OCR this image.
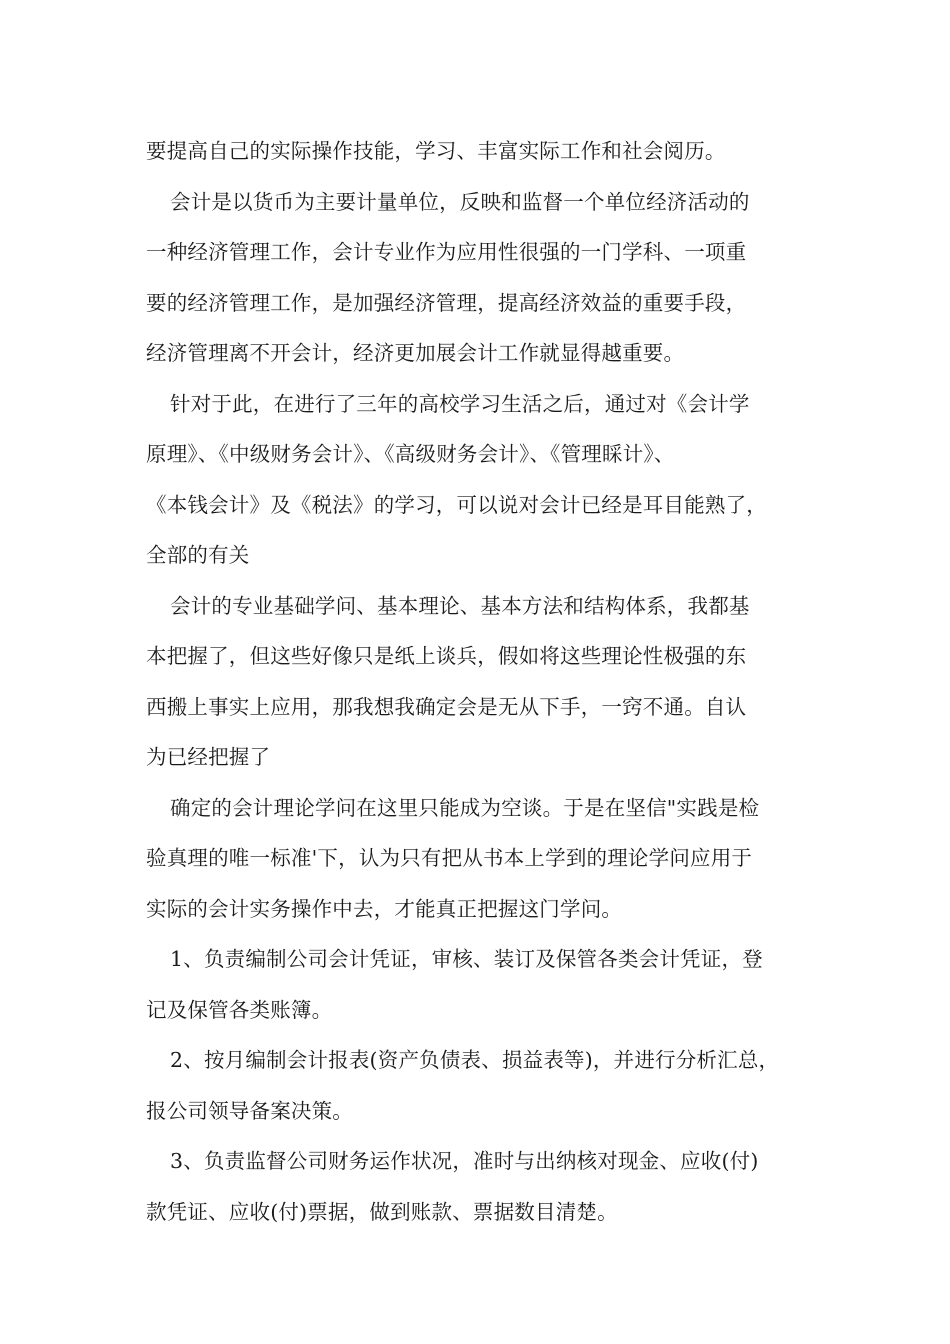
要提高自己的实际操作技能，学习、丰富实际工作和社会阅历。

会计是以货币为主要计量单位，反映和监督一个单位经济活动的
一种经济管理工作，会计专业作为应用性很强的一门学科、一项重
要的经济管理工作，是加强经济管理，提高经济效益的重要手段，
经济管理离不开会计，经济更加展会计工作就显得越重要。

针对于此，在进行了三年的高校学习生活之后，通过对《会计学
原理》、《中级财务会计》、《高级财务会计》、《管理睬计》、
《本钱会计》及《税法》的学习，可以说对会计已经是耳目能熟了，
全部的有关

会计的专业基础学问、基本理论、基本方法和结构体系，我都基
本把握了，但这些好像只是纸上谈兵，假如将这些理论性极强的东
西搬上事实上应用，那我想我确定会是无从下手，一窍不通。自认
为已经把握了

确定的会计理论学问在这里只能成为空谈。于是在坚信"实践是检
验真理的唯一标准'下，认为只有把从书本上学到的理论学问应用于
实际的会计实务操作中去，才能真正把握这门学问。

1、负责编制公司会计凭证，审核、装订及保管各类会计凭证，登
记及保管各类账簿。

2、按月编制会计报表(资产负债表、损益表等)，并进行分析汇总，
报公司领导备案决策。

3、负责监督公司财务运作状况，准时与出纳核对现金、应收(付)
款凭证、应收(付)票据，做到账款、票据数目清楚。
